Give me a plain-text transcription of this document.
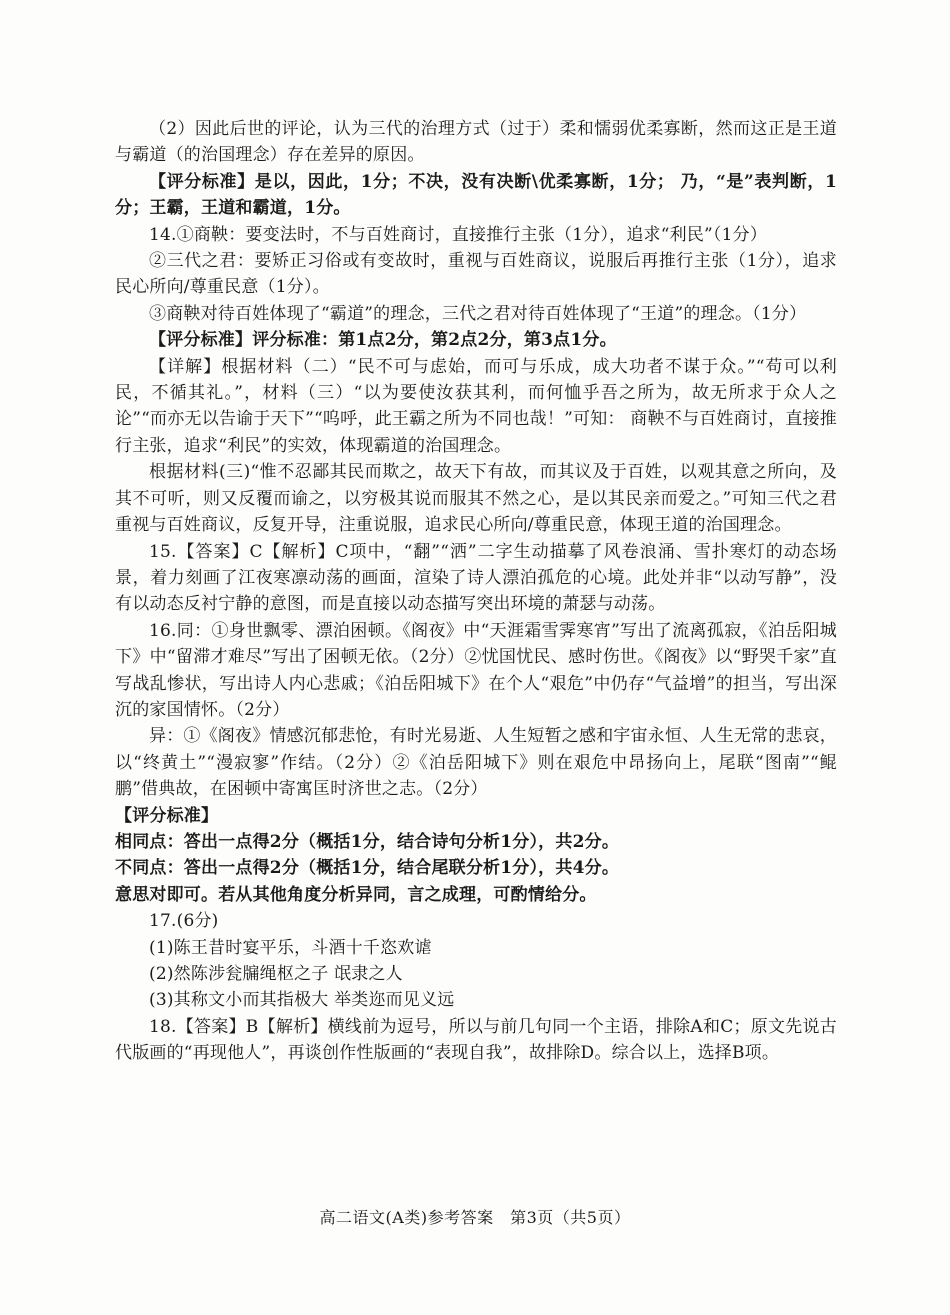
（2）因此后世的评论，认为三代的治理方式（过于）柔和懦弱优柔寡断，然而这正是王道与霸道（的治国理念）存在差异的原因。

【评分标准】是以，因此，1分；不决，没有决断\优柔寡断，1分； 乃，“是”表判断，1分；王霸，王道和霸道，1分。

14.①商鞅：要变法时，不与百姓商讨，直接推行主张（1分），追求“利民”（1分）

②三代之君：要矫正习俗或有变故时，重视与百姓商议，说服后再推行主张（1分），追求民心所向/尊重民意（1分）。

③商鞅对待百姓体现了“霸道”的理念，三代之君对待百姓体现了“王道”的理念。（1分）

【评分标准】评分标准：第1点2分，第2点2分，第3点1分。

【详解】根据材料（二）“民不可与虑始，而可与乐成，成大功者不谋于众。”“苟可以利民，不循其礼。”，材料（三）“以为要使汝获其利，而何恤乎吾之所为，故无所求于众人之论”“而亦无以告谕于天下”“呜呼，此王霸之所为不同也哉！”可知： 商鞅不与百姓商讨，直接推行主张，追求“利民”的实效，体现霸道的治国理念。

根据材料(三)“惟不忍鄙其民而欺之，故天下有故，而其议及于百姓，以观其意之所向，及其不可听，则又反覆而谕之，以穷极其说而服其不然之心，是以其民亲而爱之。”可知三代之君重视与百姓商议，反复开导，注重说服，追求民心所向/尊重民意，体现王道的治国理念。

15.【答案】C【解析】C项中，“翻”“洒”二字生动描摹了风卷浪涌、雪扑寒灯的动态场景，着力刻画了江夜寒凛动荡的画面，渲染了诗人漂泊孤危的心境。此处并非“以动写静”，没有以动态反衬宁静的意图，而是直接以动态描写突出环境的萧瑟与动荡。

16.同：①身世飘零、漂泊困顿。《阁夜》中“天涯霜雪霁寒宵”写出了流离孤寂，《泊岳阳城下》中“留滞才难尽”写出了困顿无依。（2分）②忧国忧民、感时伤世。《阁夜》以“野哭千家”直写战乱惨状，写出诗人内心悲戚；《泊岳阳城下》在个人“艰危”中仍存“气益增”的担当，写出深沉的家国情怀。（2分）

异：①《阁夜》情感沉郁悲怆，有时光易逝、人生短暂之感和宇宙永恒、人生无常的悲哀，以“终黄土”“漫寂寥”作结。（2分）②《泊岳阳城下》则在艰危中昂扬向上，尾联“图南”“鲲鹏”借典故，在困顿中寄寓匡时济世之志。（2分）

【评分标准】

相同点：答出一点得2分（概括1分，结合诗句分析1分），共2分。

不同点：答出一点得2分（概括1分，结合尾联分析1分），共4分。

意思对即可。若从其他角度分析异同，言之成理，可酌情给分。

17.(6分)

(1)陈王昔时宴平乐，斗酒十千恣欢谑

(2)然陈涉瓮牖绳枢之子 氓隶之人

(3)其称文小而其指极大 举类迩而见义远

18.【答案】B【解析】横线前为逗号，所以与前几句同一个主语，排除A和C；原文先说古代版画的“再现他人”，再谈创作性版画的“表现自我”，故排除D。综合以上，选择B项。

高二语文(A类)参考答案　第3页（共5页）
